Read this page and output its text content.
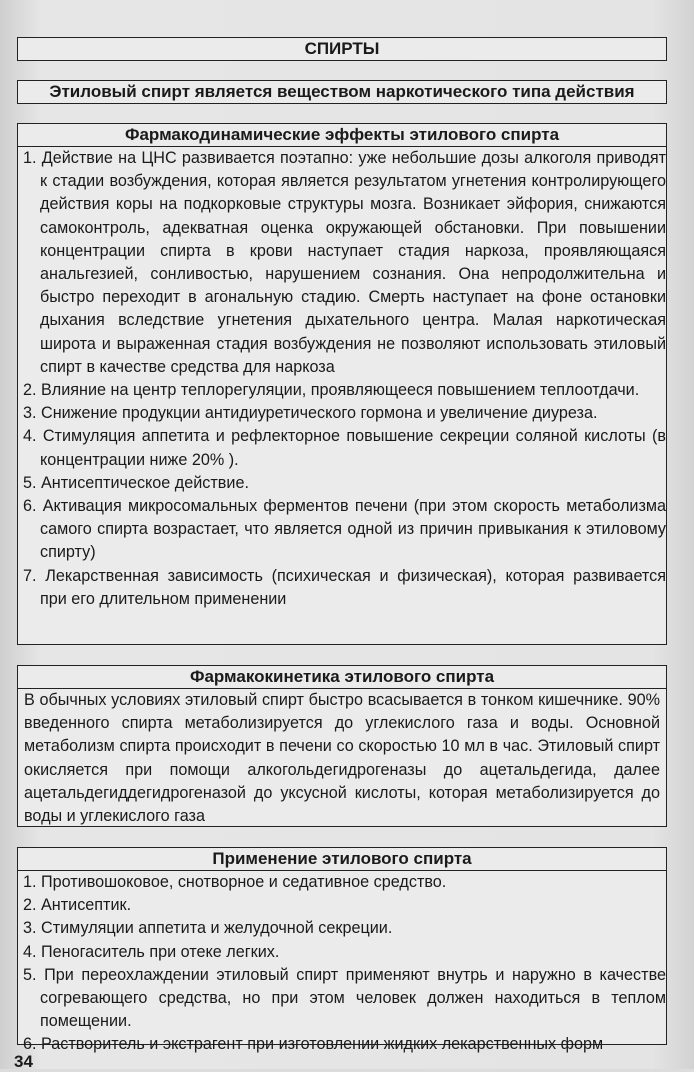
СПИРТЫ
Этиловый спирт является веществом наркотического типа действия
Фармакодинамические эффекты этилового спирта
1. Действие на ЦНС развивается поэтапно: уже небольшие дозы алкоголя приводят к стадии возбуждения, которая является результатом угнетения контролирующего действия коры на подкорковые структуры мозга. Возникает эйфория, снижаются самоконтроль, адекватная оценка окружающей обстановки. При повышении концентрации спирта в крови наступает стадия наркоза, проявляющаяся анальгезией, сонливостью, нарушением сознания. Она непродолжительна и быстро переходит в агональную стадию. Смерть наступает на фоне остановки дыхания вследствие угнетения дыхательного центра. Малая наркотическая широта и выраженная стадия возбуждения не позволяют использовать этиловый спирт в качестве средства для наркоза
2. Влияние на центр теплорегуляции, проявляющееся повышением теплоотдачи.
3. Снижение продукции антидиуретического гормона и увеличение диуреза.
4. Стимуляция аппетита и рефлекторное повышение секреции соляной кислоты (в концентрации ниже 20% ).
5. Антисептическое действие.
6. Активация микросомальных ферментов печени (при этом скорость метаболизма самого спирта возрастает, что является одной из причин привыкания к этиловому спирту)
7. Лекарственная зависимость (психическая и физическая), которая развивается при его длительном применении
Фармакокинетика этилового спирта
В обычных условиях этиловый спирт быстро всасывается в тонком кишечнике. 90% введенного спирта метаболизируется до углекислого газа и воды. Основной метаболизм спирта происходит в печени со скоростью 10 мл в час. Этиловый спирт окисляется при помощи алкогольдегидрогеназы до ацетальдегида, далее ацетальдегиддегидрогеназой до уксусной кислоты, которая метаболизируется до воды и углекислого газа
Применение этилового спирта
1. Противошоковое, снотворное и седативное средство.
2. Антисептик.
3. Стимуляции аппетита и желудочной секреции.
4. Пеногаситель при отеке легких.
5. При переохлаждении этиловый спирт применяют внутрь и наружно в качестве согревающего средства, но при этом человек должен находиться в теплом помещении.
6. Растворитель и экстрагент при изготовлении жидких лекарственных форм
34
